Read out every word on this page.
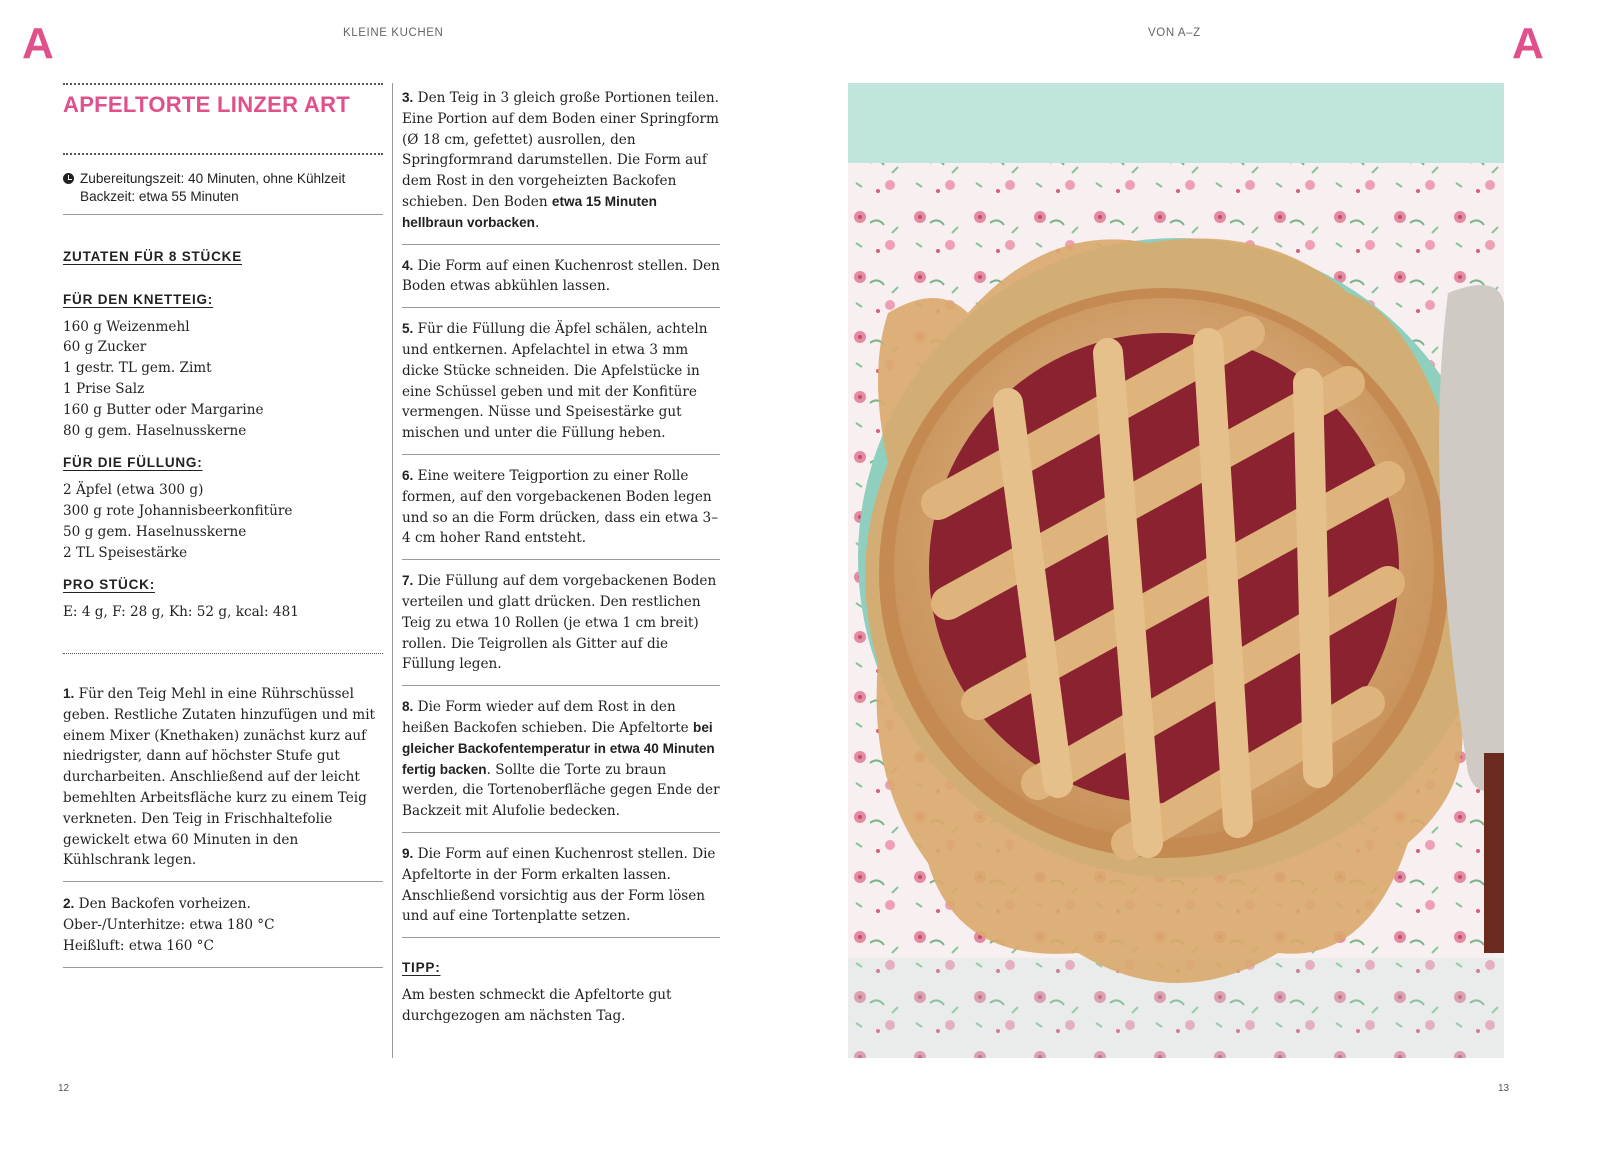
A	A
KLEINE KUCHEN	VON A–Z
APFELTORTE LINZER ART
Zubereitungszeit: 40 Minuten, ohne Kühlzeit
Backzeit: etwa 55 Minuten
ZUTATEN FÜR 8 STÜCKE
FÜR DEN KNETTEIG:
160 g Weizenmehl
60 g Zucker
1 gestr. TL gem. Zimt
1 Prise Salz
160 g Butter oder Margarine
80 g gem. Haselnusskerne
FÜR DIE FÜLLUNG:
2 Äpfel (etwa 300 g)
300 g rote Johannisbeerkonfitüre
50 g gem. Haselnusskerne
2 TL Speisestärke
PRO STÜCK:
E: 4 g, F: 28 g, Kh: 52 g, kcal: 481
1. Für den Teig Mehl in eine Rührschüssel geben. Restliche Zutaten hinzufügen und mit einem Mixer (Knethaken) zunächst kurz auf niedrigster, dann auf höchster Stufe gut durcharbeiten. Anschließend auf der leicht bemehlten Arbeitsfläche kurz zu einem Teig verkneten. Den Teig in Frischhaltefolie gewickelt etwa 60 Minuten in den Kühlschrank legen.
2. Den Backofen vorheizen.
Ober-/Unterhitze: etwa 180 °C
Heißluft: etwa 160 °C
3. Den Teig in 3 gleich große Portionen teilen. Eine Portion auf dem Boden einer Springform (Ø 18 cm, gefettet) ausrollen, den Springformrand darumstellen. Die Form auf dem Rost in den vorgeheizten Backofen schieben. Den Boden etwa 15 Minuten hellbraun vorbacken.
4. Die Form auf einen Kuchenrost stellen. Den Boden etwas abkühlen lassen.
5. Für die Füllung die Äpfel schälen, achteln und entkernen. Apfelachtel in etwa 3 mm dicke Stücke schneiden. Die Apfelstücke in eine Schüssel geben und mit der Konfitüre vermengen. Nüsse und Speisestärke gut mischen und unter die Füllung heben.
6. Eine weitere Teigportion zu einer Rolle formen, auf den vorgebackenen Boden legen und so an die Form drücken, dass ein etwa 3–4 cm hoher Rand entsteht.
7. Die Füllung auf dem vorgebackenen Boden verteilen und glatt drücken. Den restlichen Teig zu etwa 10 Rollen (je etwa 1 cm breit) rollen. Die Teigrollen als Gitter auf die Füllung legen.
8. Die Form wieder auf dem Rost in den heißen Backofen schieben. Die Apfeltorte bei gleicher Backofentemperatur in etwa 40 Minuten fertig backen. Sollte die Torte zu braun werden, die Tortenoberfläche gegen Ende der Backzeit mit Alufolie bedecken.
9. Die Form auf einen Kuchenrost stellen. Die Apfeltorte in der Form erkalten lassen. Anschließend vorsichtig aus der Form lösen und auf eine Tortenplatte setzen.
TIPP:
Am besten schmeckt die Apfeltorte gut durchgezogen am nächsten Tag.
12	13
